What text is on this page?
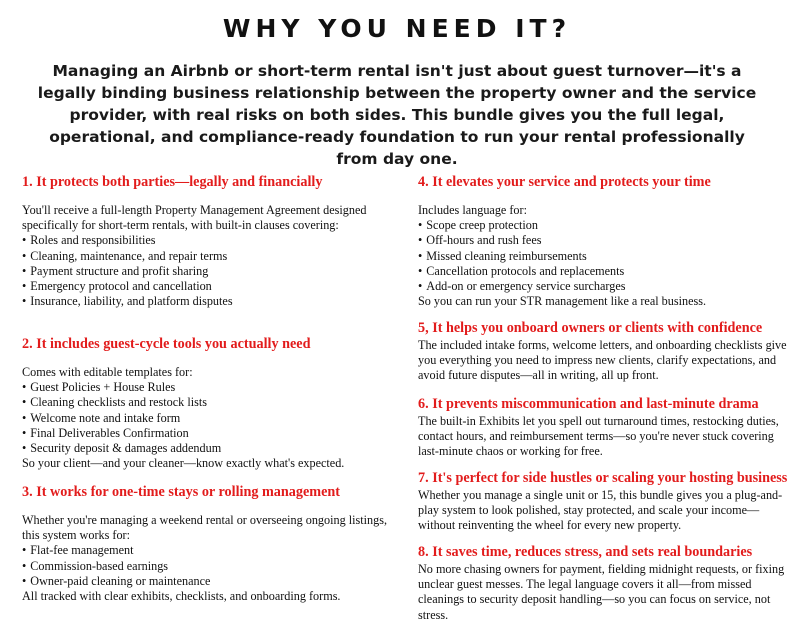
WHY YOU NEED IT?
Managing an Airbnb or short-term rental isn't just about guest turnover—it's a legally binding business relationship between the property owner and the service provider, with real risks on both sides. This bundle gives you the full legal, operational, and compliance-ready foundation to run your rental professionally from day one.
1. It protects both parties—legally and financially

You'll receive a full-length Property Management Agreement designed specifically for short-term rentals, with built-in clauses covering:

• Roles and responsibilities
• Cleaning, maintenance, and repair terms
• Payment structure and profit sharing
• Emergency protocol and cancellation
• Insurance, liability, and platform disputes
2. It includes guest-cycle tools you actually need

Comes with editable templates for:

• Guest Policies + House Rules
• Cleaning checklists and restock lists
• Welcome note and intake form
• Final Deliverables Confirmation
• Security deposit & damages addendum

So your client—and your cleaner—know exactly what's expected.

3. It works for one-time stays or rolling management

Whether you're managing a weekend rental or overseeing ongoing listings, this system works for:

• Flat-fee management
• Commission-based earnings
• Owner-paid cleaning or maintenance

All tracked with clear exhibits, checklists, and onboarding forms.

4. It elevates your service and protects your time

Includes language for:

• Scope creep protection
• Off-hours and rush fees
• Missed cleaning reimbursements
• Cancellation protocols and replacements
• Add-on or emergency service surcharges

So you can run your STR management like a real business.

5, It helps you onboard owners or clients with confidence

The included intake forms, welcome letters, and onboarding checklists give you everything you need to impress new clients, clarify expectations, and avoid future disputes—all in writing, all up front.

6. It prevents miscommunication and last-minute drama

The built-in Exhibits let you spell out turnaround times, restocking duties, contact hours, and reimbursement terms—so you're never stuck covering last-minute chaos or working for free.

7. It's perfect for side hustles or scaling your hosting business

Whether you manage a single unit or 15, this bundle gives you a plug-and-play system to look polished, stay protected, and scale your income—without reinventing the wheel for every new property.

8. It saves time, reduces stress, and sets real boundaries

No more chasing owners for payment, fielding midnight requests, or fixing unclear guest messes. The legal language covers it all—from missed cleanings to security deposit handling—so you can focus on service, not stress.
